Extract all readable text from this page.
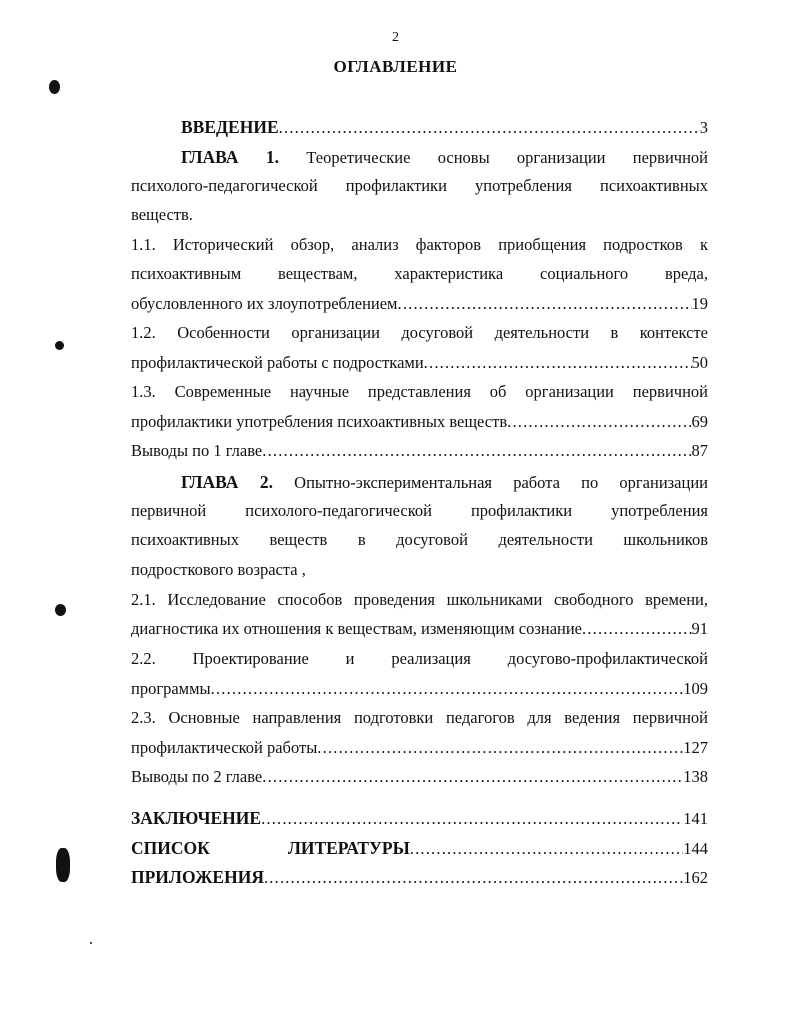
2
ОГЛАВЛЕНИЕ
ВВЕДЕНИЕ .....	3
ГЛАВА 1. Теоретические основы организации первичной
психолого-педагогической профилактики употребления психоактивных
веществ.
1.1. Исторический обзор, анализ факторов приобщения подростков к
психоактивным веществам, характеристика социального вреда,
обусловленного их злоупотреблением .....	19
1.2. Особенности организации досуговой деятельности в контексте
профилактической работы с подростками .....	50
1.3. Современные научные представления об организации первичной
профилактики употребления психоактивных веществ .....	69
Выводы по 1 главе .....	87
ГЛАВА 2. Опытно-экспериментальная работа по организации
первичной психолого-педагогической профилактики употребления
психоактивных веществ в досуговой деятельности школьников
подросткового возраста ,
2.1. Исследование способов проведения школьниками свободного времени,
диагностика их отношения к веществам, изменяющим сознание .....	91
2.2. Проектирование и реализация досугово-профилактической
программы .....	109
2.3. Основные направления подготовки педагогов для ведения первичной
профилактической работы .....	127
Выводы по 2 главе .....	138
ЗАКЛЮЧЕНИЕ .....	141
СПИСОК	ЛИТЕРАТУРЫ .....	144
ПРИЛОЖЕНИЯ .....	162
